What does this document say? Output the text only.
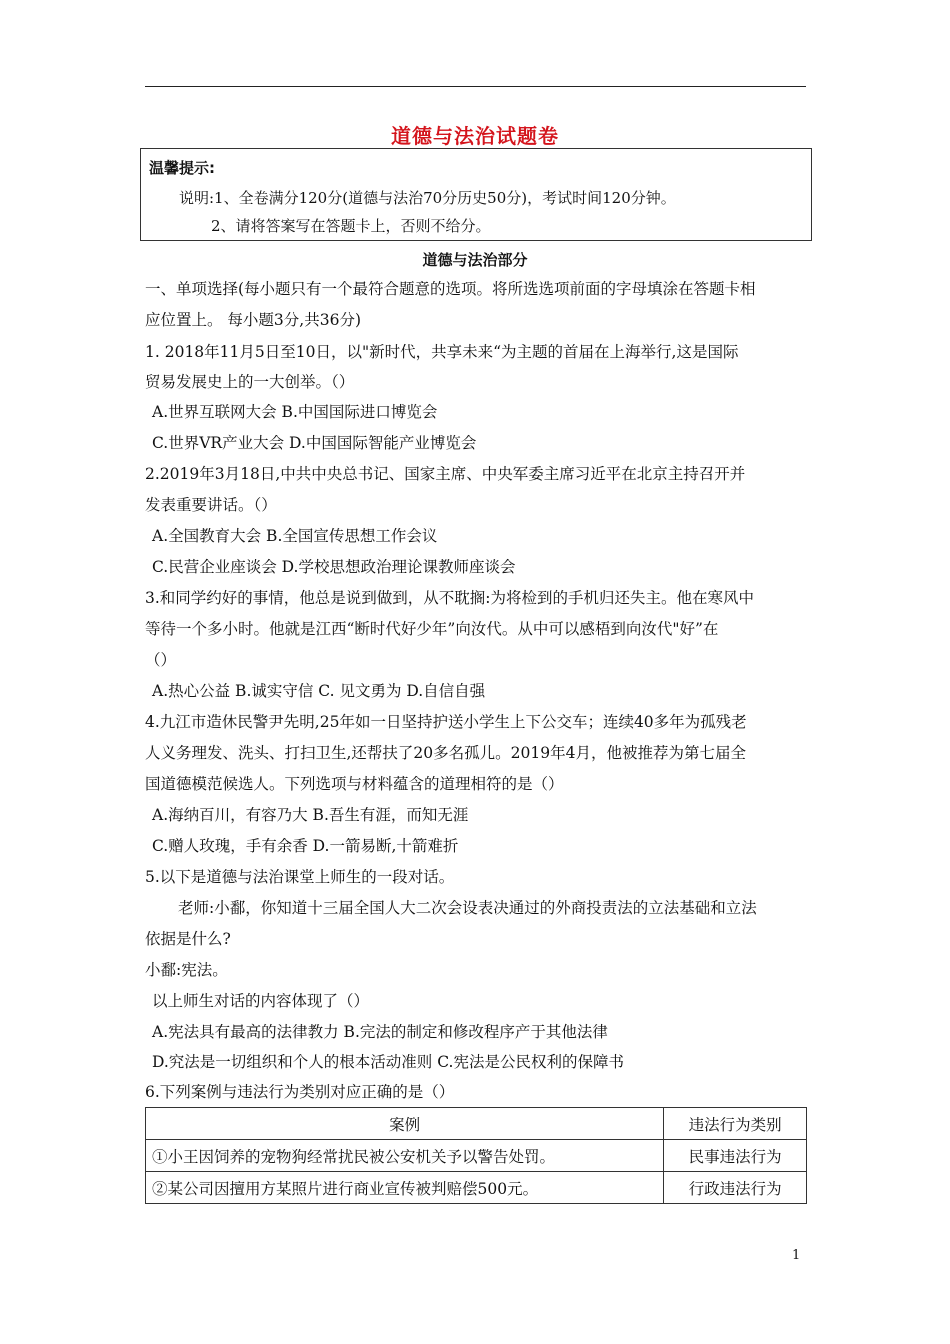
道德与法治试题卷
温馨提示:
说明:1、全卷满分120分(道德与法治70分历史50分)，考试时间120分钟。
2、请将答案写在答题卡上，否则不给分。
道德与法治部分
一、单项选择(每小题只有一个最符合题意的选项。将所选选项前面的字母填涂在答题卡相
应位置上。 每小题3分,共36分)
1. 2018年11月5日至10日，以"新时代，共享未来“为主题的首届在上海举行,这是国际
贸易发展史上的一大创举。（）
A.世界互联网大会 B.中国国际进口博览会
C.世界VR产业大会 D.中国国际智能产业博览会
2.2019年3月18日,中共中央总书记、国家主席、中央军委主席习近平在北京主持召开并
发表重要讲话。（）
A.全国教育大会 B.全国宣传思想工作会议
C.民营企业座谈会 D.学校思想政治理论课教师座谈会
3.和同学约好的事情，他总是说到做到，从不耽搁:为将检到的手机归还失主。他在寒风中
等待一个多小时。他就是江西“断时代好少年”向汝代。从中可以感梧到向汝代"好”在
（）
A.热心公益 B.诚实守信 C. 见文勇为 D.自信自强
4.九江市造休民警尹先明,25年如一日坚持护送小学生上下公交车；连续40多年为孤残老
人义务理发、洗头、打扫卫生,还帮扶了20多名孤儿。2019年4月，他被推荐为第七届全
国道德模范候选人。下列选项与材料蕴含的道理相符的是（）
A.海纳百川，有容乃大 B.吾生有涯，而知无涯
C.赠人玫瑰，手有余香 D.一箭易断,十箭难折
5.以下是道德与法治课堂上师生的一段对话。
老师:小鄱，你知道十三届全国人大二次会设表决通过的外商投责法的立法基础和立法
依据是什么?
小鄱:宪法。
以上师生对话的内容体现了（）
A.宪法具有最高的法律教力 B.完法的制定和修改程序产于其他法律
D.究法是一切组织和个人的根本活动准则 C.宪法是公民权利的保障书
6.下列案例与违法行为类别对应正确的是（）
案例	违法行为类别
①小王因饲养的宠物狗经常扰民被公安机关予以警告处罚。	民事违法行为
②某公司因擅用方某照片进行商业宣传被判赔偿500元。	行政违法行为
1
